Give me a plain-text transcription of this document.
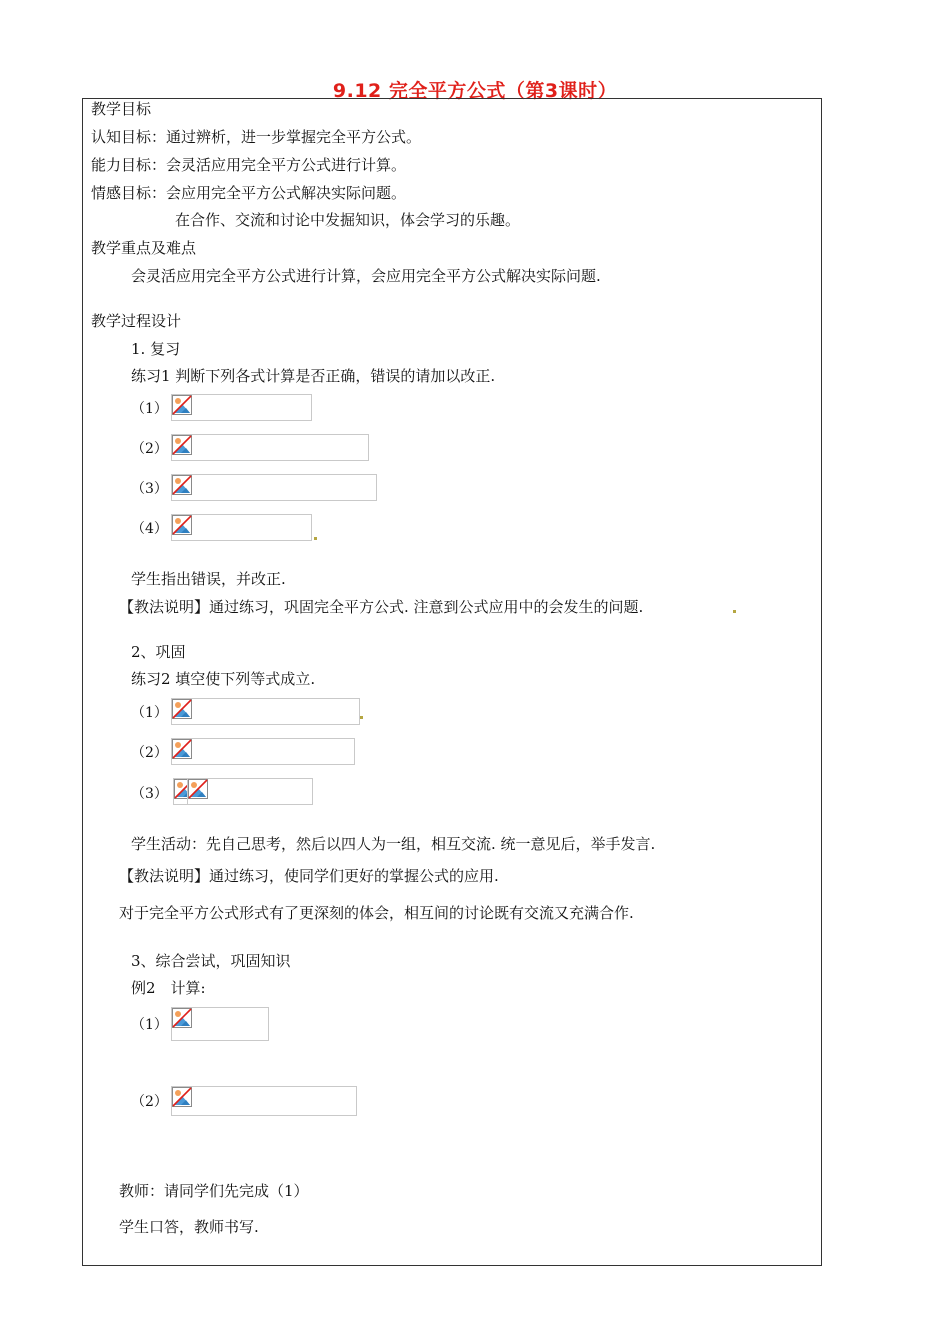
9.12 完全平方公式（第3课时）
教学目标
认知目标：通过辨析，进一步掌握完全平方公式。
能力目标：会灵活应用完全平方公式进行计算。
情感目标：会应用完全平方公式解决实际问题。
在合作、交流和讨论中发掘知识，体会学习的乐趣。
教学重点及难点
会灵活应用完全平方公式进行计算，会应用完全平方公式解决实际问题.
教学过程设计
1. 复习
练习1 判断下列各式计算是否正确，错误的请加以改正.
（1）
（2）
（3）
（4）
学生指出错误，并改正.
【教法说明】通过练习，巩固完全平方公式. 注意到公式应用中的会发生的问题.
2、巩固
练习2 填空使下列等式成立.
（1）
（2）
（3）
学生活动：先自己思考，然后以四人为一组，相互交流. 统一意见后，举手发言.
【教法说明】通过练习，使同学们更好的掌握公式的应用.
对于完全平方公式形式有了更深刻的体会，相互间的讨论既有交流又充满合作.
3、综合尝试，巩固知识
例2　计算:
（1）
（2）
教师：请同学们先完成（1）
学生口答，教师书写.
